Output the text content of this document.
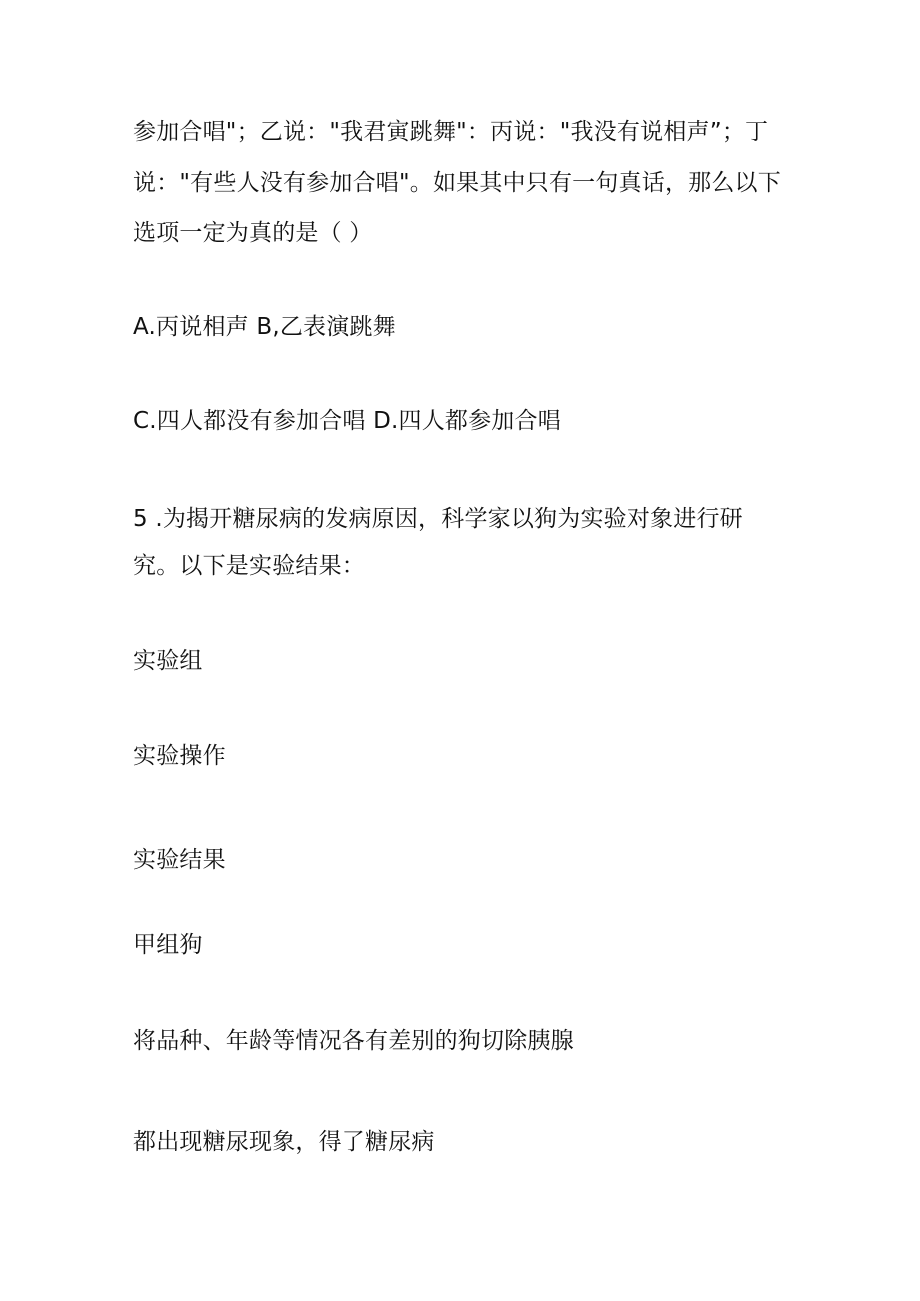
参加合唱"；乙说："我君寅跳舞"：丙说："我没有说相声”；丁
说："有些人没有参加合唱"。如果其中只有一句真话，那么以下
选项一定为真的是（ ）
A.丙说相声 B,乙表演跳舞
C.四人都没有参加合唱 D.四人都参加合唱
5 .为揭开糖尿病的发病原因，科学家以狗为实验对象进行研
究。以下是实验结果：
实验组
实验操作
实验结果
甲组狗
将品种、年龄等情况各有差别的狗切除胰腺
都出现糖尿现象，得了糖尿病
